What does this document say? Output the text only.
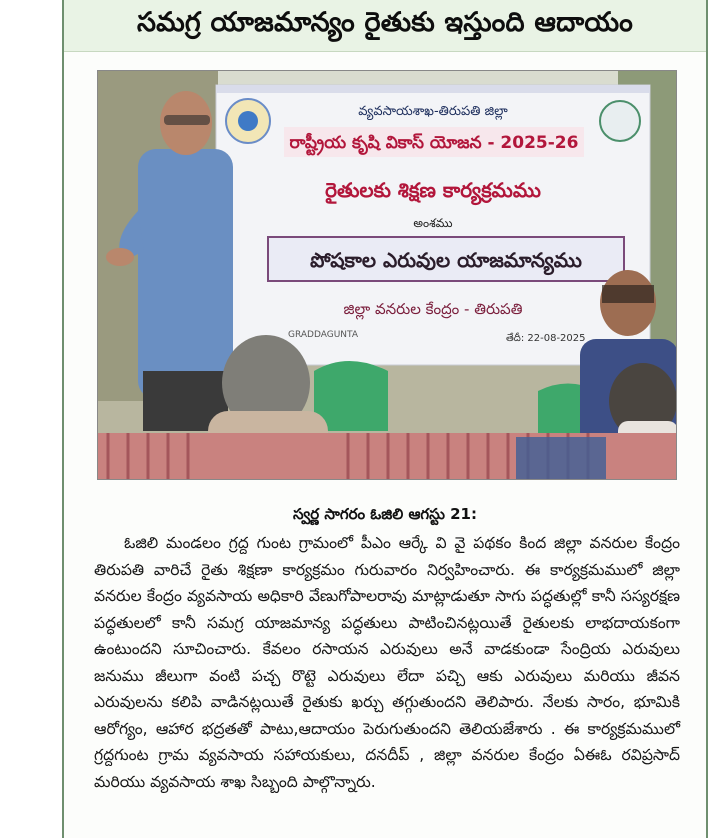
సమగ్ర యాజమాన్యం రైతుకు ఇస్తుంది ఆదాయం
వ్యవసాయశాఖ-తిరుపతి జిల్లా
రాష్ట్రీయ కృషి వికాస్ యోజన - 2025-26
రైతులకు శిక్షణ కార్యక్రమము
అంశము
పోషకాల ఎరువుల యాజమాన్యము
జిల్లా వనరుల కేంద్రం - తిరుపతి
GRADDAGUNTA	తేదీ: 22-08-2025
స్వర్ణ సాగరం ఓజిలి ఆగస్టు 21:

ఓజిలి మండలం గ్రద్ద గుంట గ్రామంలో పీఎం ఆర్కే వి వై పథకం కింద జిల్లా వనరుల కేంద్రం తిరుపతి వారిచే రైతు శిక్షణా కార్యక్రమం గురువారం నిర్వహించారు. ఈ కార్యక్రమములో జిల్లా వనరుల కేంద్రం వ్యవసాయ అధికారి వేణుగోపాలరావు మాట్లాడుతూ సాగు పద్ధతుల్లో కానీ సస్యరక్షణ పద్ధతులలో కానీ సమగ్ర యాజమాన్య పద్ధతులు పాటించినట్లయితే రైతులకు లాభదాయకంగా ఉంటుందని సూచించారు. కేవలం రసాయన ఎరువులు అనే వాడకుండా సేంద్రియ ఎరువులు జనుము జీలుగా వంటి పచ్చ రొట్టె ఎరువులు లేదా పచ్చి ఆకు ఎరువులు మరియు జీవన ఎరువులను కలిపి వాడినట్లయితే రైతుకు ఖర్చు తగ్గుతుందని తెలిపారు. నేలకు సారం, భూమికి ఆరోగ్యం, ఆహార భద్రతతో పాటు,ఆదాయం పెరుగుతుందని తెలియజేశారు . ఈ కార్యక్రమములో గ్రద్దగుంట గ్రామ వ్యవసాయ సహాయకులు, దనదీప్ , జిల్లా వనరుల కేంద్రం ఏఈఓ రవిప్రసాద్ మరియు వ్యవసాయ శాఖ సిబ్బంది పాల్గొన్నారు.
